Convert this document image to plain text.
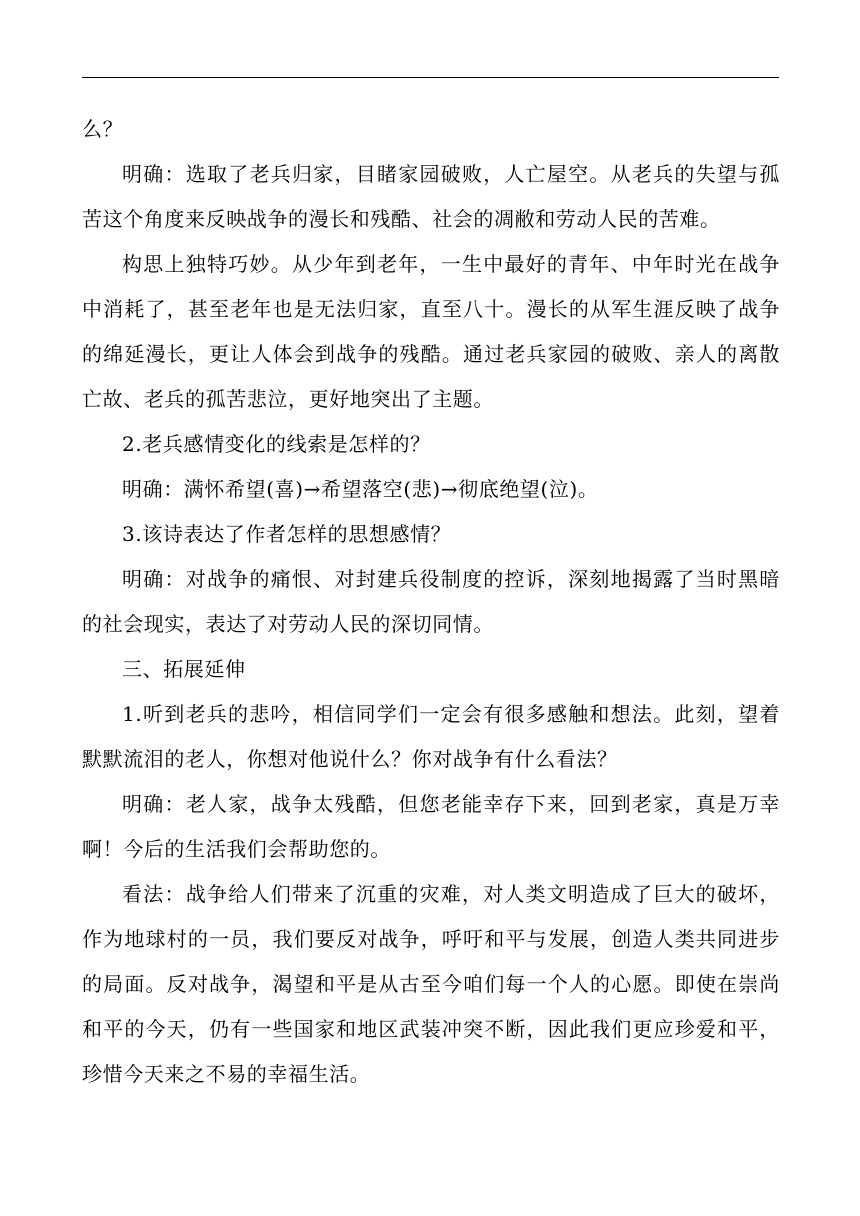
么？

明确：选取了老兵归家，目睹家园破败，人亡屋空。从老兵的失望与孤苦这个角度来反映战争的漫长和残酷、社会的凋敝和劳动人民的苦难。

构思上独特巧妙。从少年到老年，一生中最好的青年、中年时光在战争中消耗了，甚至老年也是无法归家，直至八十。漫长的从军生涯反映了战争的绵延漫长，更让人体会到战争的残酷。通过老兵家园的破败、亲人的离散亡故、老兵的孤苦悲泣，更好地突出了主题。

2.老兵感情变化的线索是怎样的？

明确：满怀希望(喜)→希望落空(悲)→彻底绝望(泣)。

3.该诗表达了作者怎样的思想感情？

明确：对战争的痛恨、对封建兵役制度的控诉，深刻地揭露了当时黑暗的社会现实，表达了对劳动人民的深切同情。

三、拓展延伸

1.听到老兵的悲吟，相信同学们一定会有很多感触和想法。此刻，望着默默流泪的老人，你想对他说什么？你对战争有什么看法？

明确：老人家，战争太残酷，但您老能幸存下来，回到老家，真是万幸啊！今后的生活我们会帮助您的。

看法：战争给人们带来了沉重的灾难，对人类文明造成了巨大的破坏，作为地球村的一员，我们要反对战争，呼吁和平与发展，创造人类共同进步的局面。反对战争，渴望和平是从古至今咱们每一个人的心愿。即使在崇尚和平的今天，仍有一些国家和地区武装冲突不断，因此我们更应珍爱和平，珍惜今天来之不易的幸福生活。
